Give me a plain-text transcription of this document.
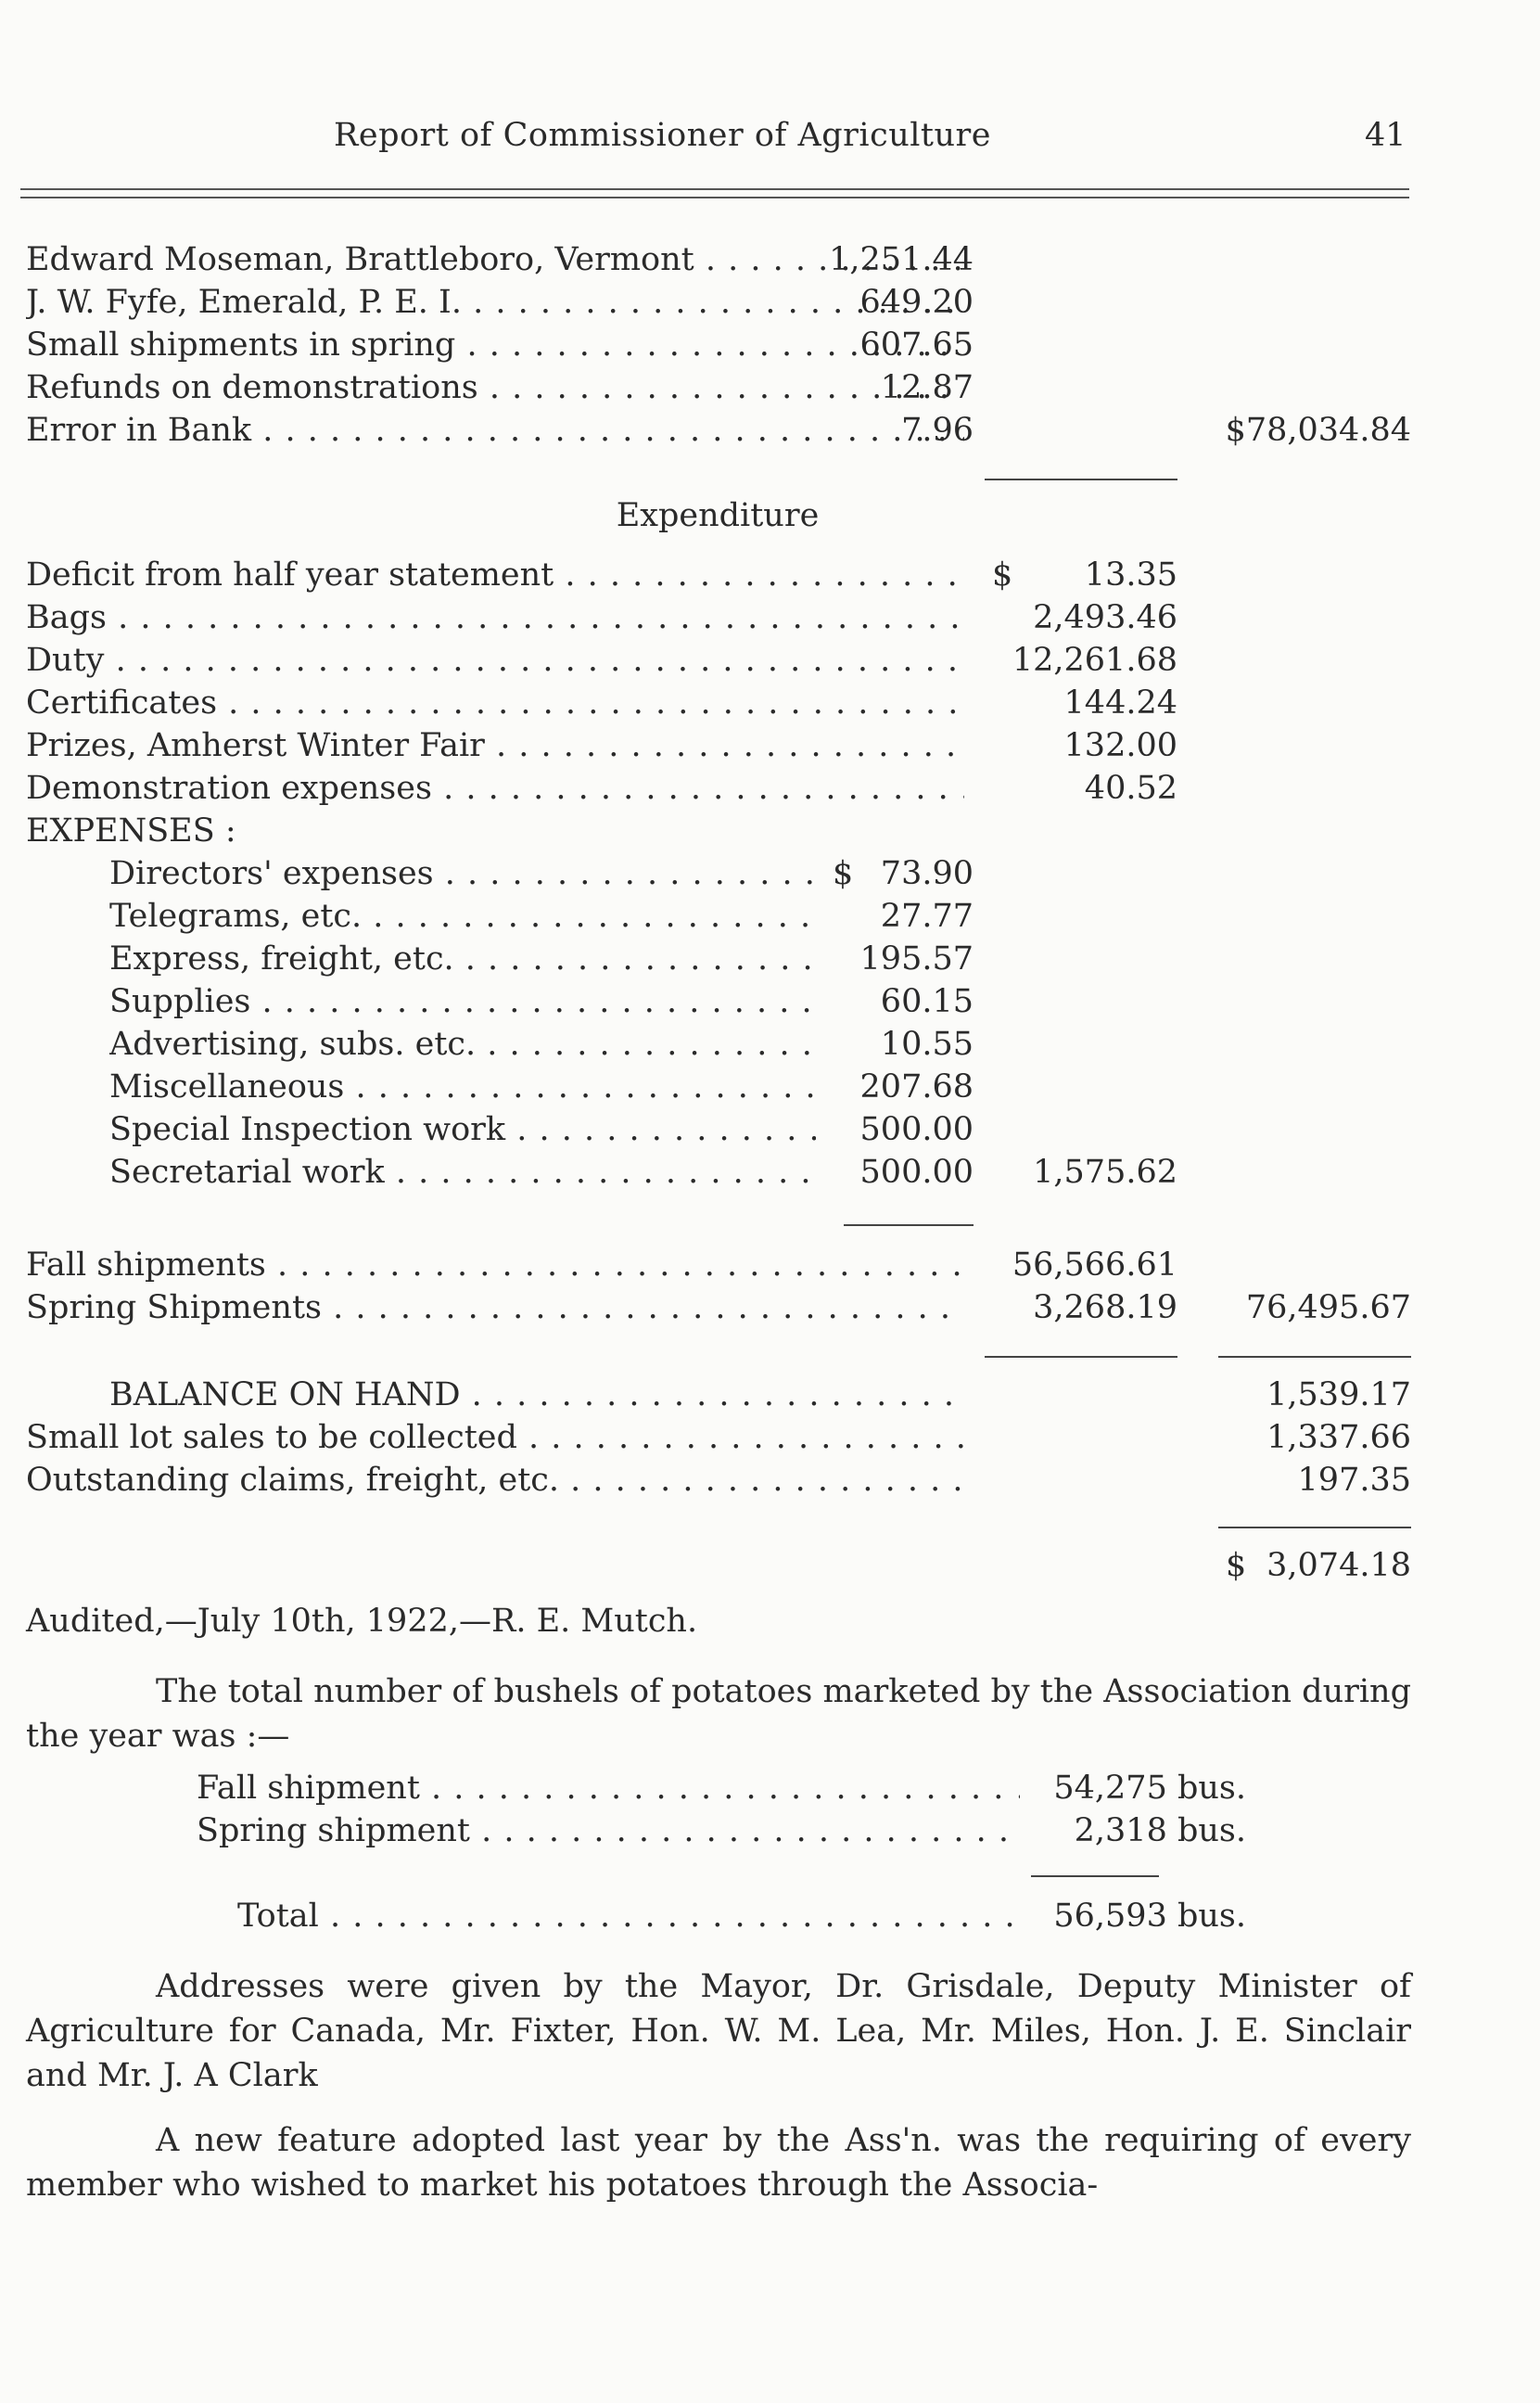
Report of Commissioner of Agriculture	41
Edward Moseman, Brattleboro, Vermont . . .	1,251.44
J. W. Fyfe, Emerald, P. E. I. . . .	649.20
Small shipments in spring . . .	607.65
Refunds on demonstrations . . .	12.87
Error in Bank . . .	7.96	$78,034.84
Expenditure
Deficit from half year statement . . .	$	13.35
Bags . . .	2,493.46
Duty . . .	12,261.68
Certificates . . .	144.24
Prizes, Amherst Winter Fair . . .	132.00
Demonstration expenses . . .	40.52
EXPENSES :
Directors' expenses . . .	$ 73.90
Telegrams, etc. . . .	27.77
Express, freight, etc. . . .	195.57
Supplies . . .	60.15
Advertising, subs. etc. . . .	10.55
Miscellaneous . . .	207.68
Special Inspection work . . .	500.00
Secretarial work . . .	500.00	1,575.62
Fall shipments . . .	56,566.61
Spring Shipments . . .	3,268.19	76,495.67
BALANCE ON HAND . . .	1,539.17
Small lot sales to be collected . . .	1,337.66
Outstanding claims, freight, etc. . . .	197.35
$ 3,074.18
Audited,—July 10th, 1922,—R. E. Mutch.
The total number of bushels of potatoes marketed by the Association during the year was :—
Fall shipment . . .	54,275 bus.
Spring shipment . . .	2,318 bus.
Total . . .	56,593 bus.
Addresses were given by the Mayor, Dr. Grisdale, Deputy Minister of Agriculture for Canada, Mr. Fixter, Hon. W. M. Lea, Mr. Miles, Hon. J. E. Sinclair and Mr. J. A Clark
A new feature adopted last year by the Ass'n. was the requiring of every member who wished to market his potatoes through the Associa-
